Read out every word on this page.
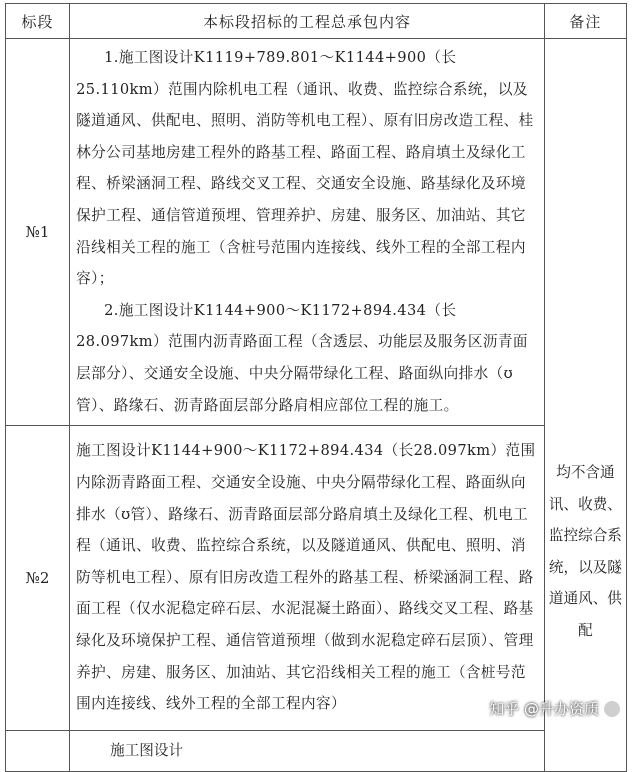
标段	本标段招标的工程总承包内容	备注
№1	1.施工图设计K1119+789.801～K1144+900（长25.110km）范围内除机电工程（通讯、收费、监控综合系统，以及隧道通风、供配电、照明、消防等机电工程）、原有旧房改造工程、桂林分公司基地房建工程外的路基工程、路面工程、路肩填土及绿化工程、桥梁涵洞工程、路线交叉工程、交通安全设施、路基绿化及环境保护工程、通信管道预埋、管理养护、房建、服务区、加油站、其它沿线相关工程的施工（含桩号范围内连接线、线外工程的全部工程内容）；

2.施工图设计K1144+900～K1172+894.434（长28.097km）范围内沥青路面工程（含透层、功能层及服务区沥青面层部分）、交通安全设施、中央分隔带绿化工程、路面纵向排水（ʊ管）、路缘石、沥青路面层部分路肩相应部位工程的施工。	均不含通讯、收费、监控综合系统，以及隧道通风、供配

№2	施工图设计K1144+900～K1172+894.434（长28.097km）范围内除沥青路面工程、交通安全设施、中央分隔带绿化工程、路面纵向排水（ʊ管）、路缘石、沥青路面层部分路肩填土及绿化工程、机电工程（通讯、收费、监控综合系统，以及隧道通风、供配电、照明、消防等机电工程）、原有旧房改造工程外的路基工程、桥梁涵洞工程、路面工程（仅水泥稳定碎石层、水泥混凝土路面）、路线交叉工程、路基绿化及环境保护工程、通信管道预埋（做到水泥稳定碎石层顶）、管理养护、房建、服务区、加油站、其它沿线相关工程的施工（含桩号范围内连接线、线外工程的全部工程内容）	

	施工图设计	
知乎 @升办资质
